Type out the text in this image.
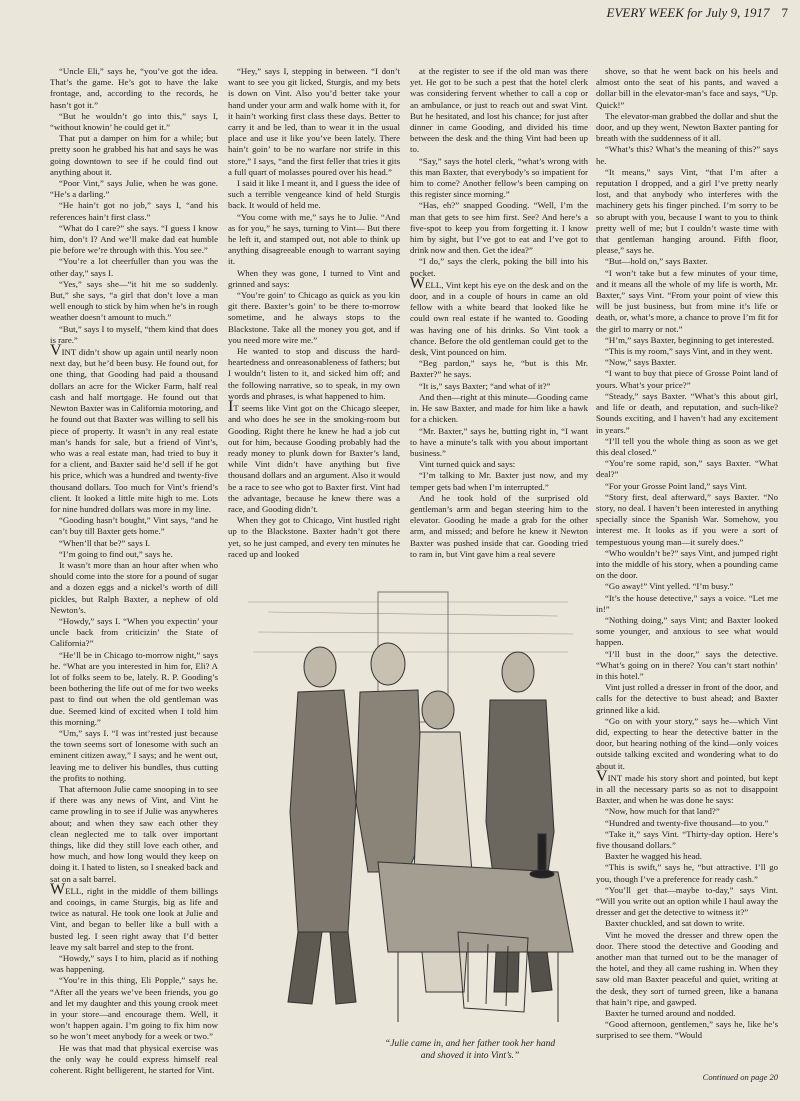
EVERY WEEK for July 9, 1917 7

“Uncle Eli,” says he, “you’ve got the idea. That’s the game. He’s got to have the lake frontage, and, according to the records, he hasn’t got it.”

“But he wouldn’t go into this,” says I, “without knowin’ he could get it.”

That put a damper on him for a while; but pretty soon he grabbed his hat and says he was going downtown to see if he could find out anything about it.

“Poor Vint,” says Julie, when he was gone. “He’s a darling.”

“He hain’t got no job,” says I, “and his references hain’t first class.”

“What do I care?” she says. “I guess I know him, don’t I? And we’ll make dad eat humble pie before we’re through with this. You see.”

“You’re a lot cheerfuller than you was the other day,” says I.

“Yes,” says she—“it hit me so suddenly. But,” she says, “a girl that don’t love a man well enough to stick by him when he’s in rough weather doesn’t amount to much.”

“But,” says I to myself, “them kind that does is rare.”

VINT didn’t show up again until nearly noon next day, but he’d been busy. He found out, for one thing, that Gooding had paid a thousand dollars an acre for the Wicker Farm, half real cash and half mortgage. He found out that Newton Baxter was in California motoring, and he found out that Baxter was willing to sell his piece of property. It wasn’t in any real estate man’s hands for sale, but a friend of Vint’s, who was a real estate man, had tried to buy it for a client, and Baxter said he’d sell if he got his price, which was a hundred and twenty-five thousand dollars. Too much for Vint’s friend’s client. It looked a little mite high to me. Lots for nine hundred dollars was more in my line.

“Gooding hasn’t bought,” Vint says, “and he can’t buy till Baxter gets home.”

“When’ll that be?” says I.

“I’m going to find out,” says he.

It wasn’t more than an hour after when who should come into the store for a pound of sugar and a dozen eggs and a nickel’s worth of dill pickles, but Ralph Baxter, a nephew of old Newton’s.

“Howdy,” says I. “When you expectin’ your uncle back from criticizin’ the State of California?”

“He’ll be in Chicago to-morrow night,” says he. “What are you interested in him for, Eli? A lot of folks seem to be, lately. R. P. Gooding’s been bothering the life out of me for two weeks past to find out when the old gentleman was due. Seemed kind of excited when I told him this morning.”

“Um,” says I. “I was int’rested just because the town seems sort of lonesome with such an eminent citizen away,” I says; and he went out, leaving me to deliver his bundles, thus cutting the profits to nothing.

That afternoon Julie came snooping in to see if there was any news of Vint, and Vint he came prowling in to see if Julie was anywheres about; and when they saw each other they clean neglected me to talk over important things, like did they still love each other, and how much, and how long would they keep on doing it. I hated to listen, so I sneaked back and sat on a salt barrel.

WELL, right in the middle of them billings and cooings, in came Sturgis, big as life and twice as natural. He took one look at Julie and Vint, and began to beller like a bull with a busted leg. I seen right away that I’d better leave my salt barrel and step to the front.

“Howdy,” says I to him, placid as if nothing was happening.

“You’re in this thing, Eli Popple,” says he. “After all the years we’ve been friends, you go and let my daughter and this young crook meet in your store—and encourage them. Well, it won’t happen again. I’m going to fix him now so he won’t meet anybody for a week or two.”

He was that mad that physical exercise was the only way he could express himself real coherent. Right belligerent, he started for Vint.

“Hey,” says I, stepping in between. “I don’t want to see you git licked, Sturgis, and my bets is down on Vint. Also you’d better take your hand under your arm and walk home with it, for it hain’t working first class these days. Better to carry it and be led, than to wear it in the usual place and use it like you’ve been lately. There hain’t goin’ to be no warfare nor strife in this store,” I says, “and the first feller that tries it gits a full quart of molasses poured over his head.”

I said it like I meant it, and I guess the idee of such a terrible vengeance kind of held Sturgis back. It would of held me.

“You come with me,” says he to Julie. “And as for you,” he says, turning to Vint— But there he left it, and stamped out, not able to think up anything disagreeable enough to warrant saying it.

When they was gone, I turned to Vint and grinned and says:

“You’re goin’ to Chicago as quick as you kin git there. Baxter’s goin’ to be there to-morrow sometime, and he always stops to the Blackstone. Take all the money you got, and if you need more wire me.”

He wanted to stop and discuss the hard-heartedness and onreasonableness of fathers; but I wouldn’t listen to it, and sicked him off; and the following narrative, so to speak, in my own words and phrases, is what happened to him.

IT seems like Vint got on the Chicago sleeper, and who does he see in the smoking-room but Gooding. Right there he knew he had a job cut out for him, because Gooding probably had the ready money to plunk down for Baxter’s land, while Vint didn’t have anything but five thousand dollars and an argument. Also it would be a race to see who got to Baxter first. Vint had the advantage, because he knew there was a race, and Gooding didn’t.

When they got to Chicago, Vint hustled right up to the Blackstone. Baxter hadn’t got there yet, so he just camped, and every ten minutes he raced up and looked

at the register to see if the old man was there yet. He got to be such a pest that the hotel clerk was considering fervent whether to call a cop or an ambulance, or just to reach out and swat Vint. But he hesitated, and lost his chance; for just after dinner in came Gooding, and divided his time between the desk and the thing Vint had been up to.

“Say,” says the hotel clerk, “what’s wrong with this man Baxter, that everybody’s so impatient for him to come? Another fellow’s been camping on this register since morning.”

“Has, eh?” snapped Gooding. “Well, I’m the man that gets to see him first. See? And here’s a five-spot to keep you from forgetting it. I know him by sight, but I’ve got to eat and I’ve got to drink now and then. Get the idea?”

“I do,” says the clerk, poking the bill into his pocket.

WELL, Vint kept his eye on the desk and on the door, and in a couple of hours in came an old fellow with a white beard that looked like he could own real estate if he wanted to. Gooding was having one of his drinks. So Vint took a chance. Before the old gentleman could get to the desk, Vint pounced on him.

“Beg pardon,” says he, “but is this Mr. Baxter?” he says.

“It is,” says Baxter; “and what of it?”

And then—right at this minute—Gooding came in. He saw Baxter, and made for him like a hawk for a chicken.

“Mr. Baxter,” says he, butting right in, “I want to have a minute’s talk with you about important business.”

Vint turned quick and says:

“I’m talking to Mr. Baxter just now, and my temper gets bad when I’m interrupted.”

And he took hold of the surprised old gentleman’s arm and began steering him to the elevator. Gooding he made a grab for the other arm, and missed; and before he knew it Newton Baxter was pushed inside that car. Gooding tried to ram in, but Vint gave him a real severe

shove, so that he went back on his heels and almost onto the seat of his pants, and waved a dollar bill in the elevator-man’s face and says, “Up. Quick!”

The elevator-man grabbed the dollar and shut the door, and up they went, Newton Baxter panting for breath with the suddenness of it all.

“What’s this? What’s the meaning of this?” says he.

“It means,” says Vint, “that I’m after a reputation I dropped, and a girl I’ve pretty nearly lost, and that anybody who interferes with the machinery gets his finger pinched. I’m sorry to be so abrupt with you, because I want to you to think pretty well of me; but I couldn’t waste time with that gentleman hanging around. Fifth floor, please,” says he.

“But—hold on,” says Baxter.

“I won’t take but a few minutes of your time, and it means all the whole of my life is worth, Mr. Baxter,” says Vint. “From your point of view this will be just business, but from mine it’s life or death, or, what’s more, a chance to prove I’m fit for the girl to marry or not.”

“H’m,” says Baxter, beginning to get interested.

“This is my room,” says Vint, and in they went.

“Now,” says Baxter.

“I want to buy that piece of Grosse Point land of yours. What’s your price?”

“Steady,” says Baxter. “What’s this about girl, and life or death, and reputation, and such-like? Sounds exciting, and I haven’t had any excitement in years.”

“I’ll tell you the whole thing as soon as we get this deal closed.”

“You’re some rapid, son,” says Baxter. “What deal?”

“For your Grosse Point land,” says Vint.

“Story first, deal afterward,” says Baxter. “No story, no deal. I haven’t been interested in anything specially since the Spanish War. Somehow, you interest me. It looks as if you were a sort of tempestuous young man—it surely does.”

“Who wouldn’t be?” says Vint, and jumped right into the middle of his story, when a pounding came on the door.

“Go away!” Vint yelled. “I’m busy.”

“It’s the house detective,” says a voice. “Let me in!”

“Nothing doing,” says Vint; and Baxter looked some younger, and anxious to see what would happen.

“I’ll bust in the door,” says the detective. “What’s going on in there? You can’t start nothin’ in this hotel.”

Vint just rolled a dresser in front of the door, and calls for the detective to bust ahead; and Baxter grinned like a kid.

“Go on with your story,” says he—which Vint did, expecting to hear the detective batter in the door, but hearing nothing of the kind—only voices outside talking excited and wondering what to do about it.

VINT made his story short and pointed, but kept in all the necessary parts so as not to disappoint Baxter, and when he was done he says:

“Now, how much for that land?”

“Hundred and twenty-five thousand—to you.”

“Take it,” says Vint. “Thirty-day option. Here’s five thousand dollars.”

Baxter he wagged his head.

“This is swift,” says he, “but attractive. I’ll go you, though I’ve a preference for ready cash.”

“You’ll get that—maybe to-day,” says Vint. “Will you write out an option while I haul away the dresser and get the detective to witness it?”

Baxter chuckled, and sat down to write.

Vint he moved the dresser and threw open the door. There stood the detective and Gooding and another man that turned out to be the manager of the hotel, and they all came rushing in. When they saw old man Baxter peaceful and quiet, writing at the desk, they sort of turned green, like a banana that hain’t ripe, and gawped.

Baxter he turned around and nodded.

“Good afternoon, gentlemen,” says he, like he’s surprised to see them. “Would

“Julie came in, and her father took her hand and shoved it into Vint’s.”
Continued on page 20
